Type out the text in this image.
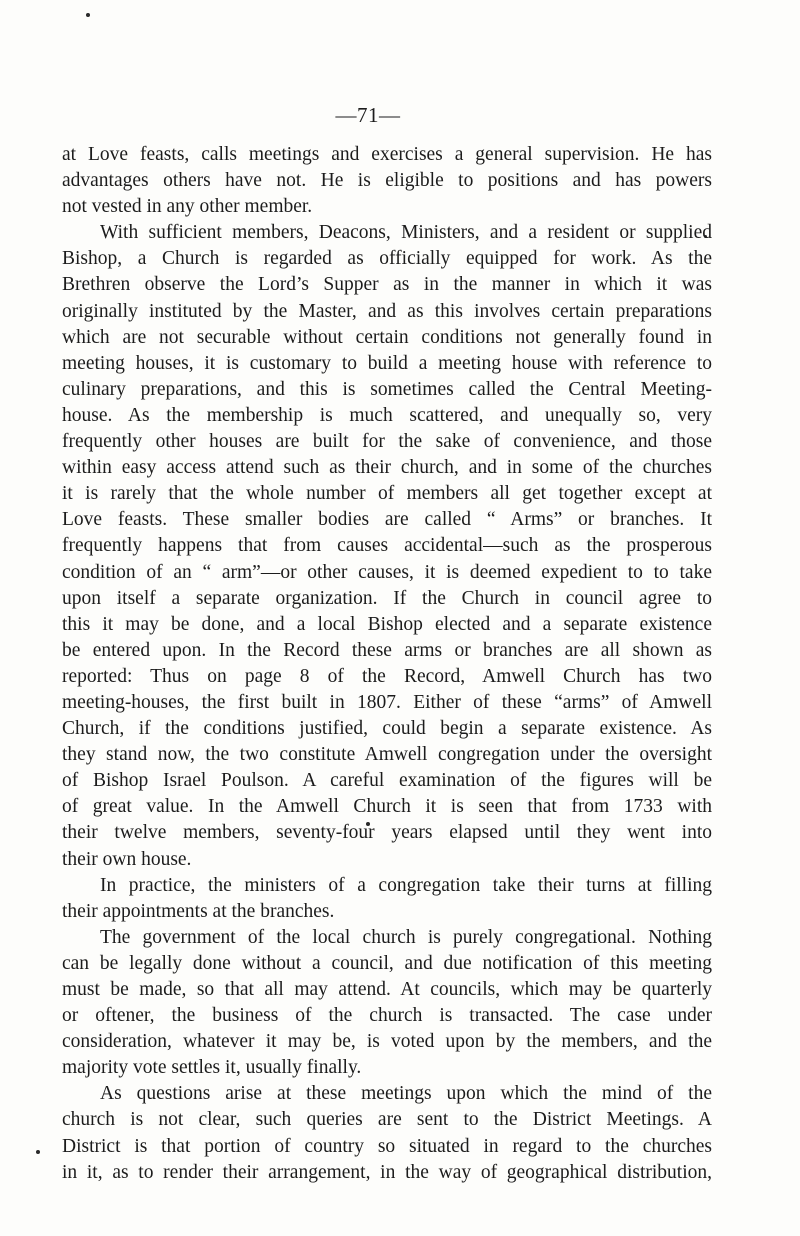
—71—
at Love feasts, calls meetings and exercises a general supervision. He has
advantages others have not. He is eligible to positions and has powers
not vested in any other member.
With sufficient members, Deacons, Ministers, and a resident or supplied
Bishop, a Church is regarded as officially equipped for work. As the
Brethren observe the Lord’s Supper as in the manner in which it was
originally instituted by the Master, and as this involves certain preparations
which are not securable without certain conditions not generally found in
meeting houses, it is customary to build a meeting house with reference to
culinary preparations, and this is sometimes called the Central Meeting-
house. As the membership is much scattered, and unequally so, very
frequently other houses are built for the sake of convenience, and those
within easy access attend such as their church, and in some of the churches
it is rarely that the whole number of members all get together except at
Love feasts. These smaller bodies are called “ Arms” or branches. It
frequently happens that from causes accidental—such as the prosperous
condition of an “ arm”—or other causes, it is deemed expedient to to take
upon itself a separate organization. If the Church in council agree to
this it may be done, and a local Bishop elected and a separate existence
be entered upon. In the Record these arms or branches are all shown as
reported: Thus on page 8 of the Record, Amwell Church has two
meeting-houses, the first built in 1807. Either of these “arms” of Amwell
Church, if the conditions justified, could begin a separate existence. As
they stand now, the two constitute Amwell congregation under the oversight
of Bishop Israel Poulson. A careful examination of the figures will be
of great value. In the Amwell Church it is seen that from 1733 with
their twelve members, seventy-four years elapsed until they went into
their own house.
In practice, the ministers of a congregation take their turns at filling
their appointments at the branches.
The government of the local church is purely congregational. Nothing
can be legally done without a council, and due notification of this meeting
must be made, so that all may attend. At councils, which may be quarterly
or oftener, the business of the church is transacted. The case under
consideration, whatever it may be, is voted upon by the members, and the
majority vote settles it, usually finally.
As questions arise at these meetings upon which the mind of the
church is not clear, such queries are sent to the District Meetings. A
District is that portion of country so situated in regard to the churches
in it, as to render their arrangement, in the way of geographical distribution,
